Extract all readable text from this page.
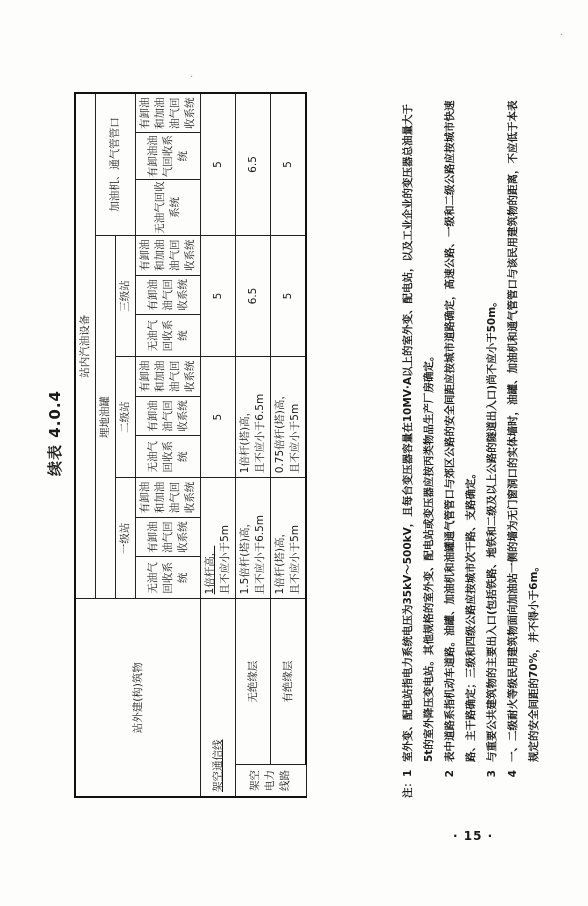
续表 4.0.4
站外建(构)筑物		站内汽油设备											
		埋地油罐									加油机、通气管管口		
		一级站			二级站			三级站					
		无油气回收系统	有卸油油气回收系统	有卸油和加油油气回收系统	无油气回收系统	有卸油油气回收系统	有卸油和加油油气回收系统	无油气回收系统	有卸油油气回收系统	有卸油和加油油气回收系统	无油气回收系统	有卸油油气回收系统	有卸油和加油油气回收系统
架空通信线		1倍杆高， 且不应小于5m			5			5			5		
架空电力线路	无绝缘层	1.5倍杆(塔)高， 且不应小于6.5m			1倍杆(塔)高， 且不应小于6.5m			6.5			6.5		
	有绝缘层	1倍杆(塔)高， 且不应小于5m			0.75倍杆(塔)高， 且不应小于5m			5			5		
注：1
室外变、配电站指电力系统电压为35kV～500kV，且每台变压器容量在10MV·A以上的室外变、配电站，以及工业企业的变压器总油量大于5t的室外降压变电站。其他规格的室外变、配电站或变压器应按丙类物品生产厂房确定。
2
表中道路系指机动车道路。油罐、加油机和油罐通气管管口与郊区公路的安全间距应按城市道路确定，高速公路、一级和二级公路应按城市快速路、主干路确定；三级和四级公路应按城市次干路、支路确定。
3
与重要公共建筑物的主要出入口(包括铁路、地铁和二级及以上公路的隧道出入口)尚不应小于50m。
4
一、二级耐火等级民用建筑物面向加油站一侧的墙为无门窗洞口的实体墙时，油罐、加油机和通气管管口与该民用建筑物的距离，不应低于本表规定的安全间距的70%，并不得小于6m。
· 15 ·
·
·
